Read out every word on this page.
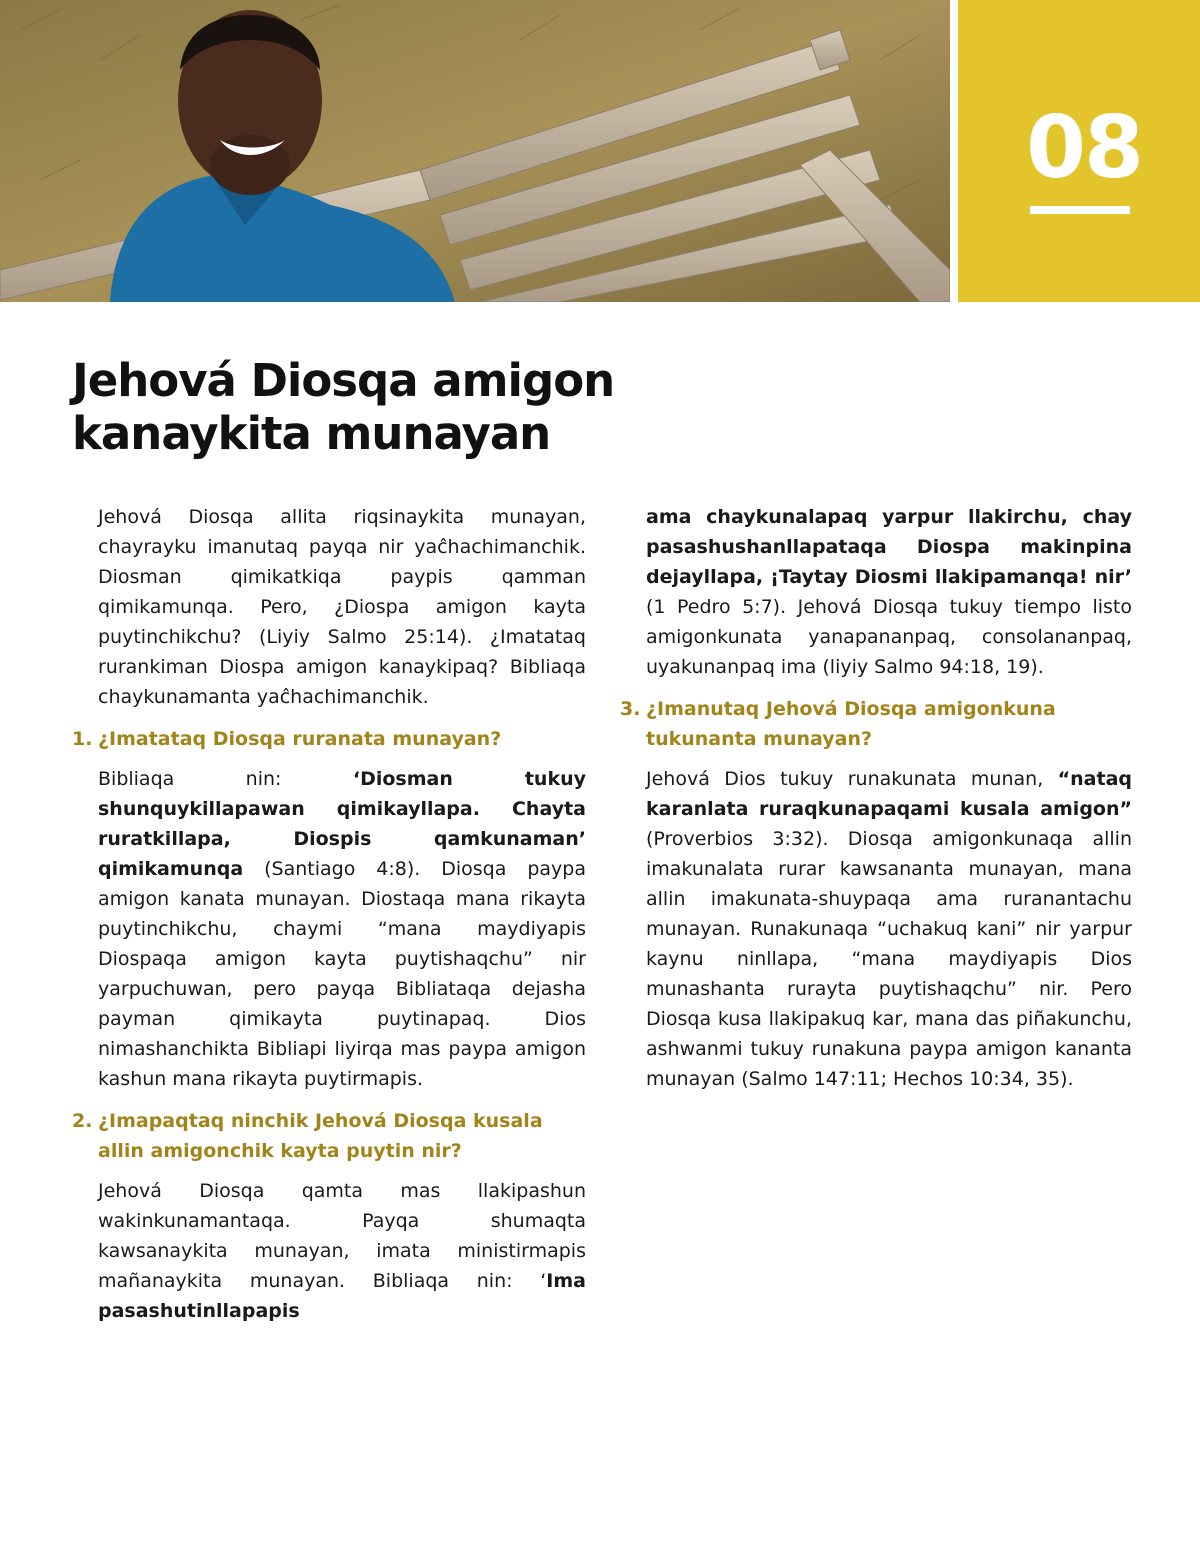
08
Jehová Diosqa amigon
kanaykita munayan

Jehová Diosqa allita riqsinaykita munayan, chayrayku imanutaq payqa nir yaĉhachimanchik. Diosman qimikatkiqa paypis qamman qimikamunqa. Pero, ¿Diospa amigon kayta puytinchikchu? (Liyiy Salmo 25:14). ¿Imatataq rurankiman Diospa amigon kanaykipaq? Bibliaqa chaykunamanta yaĉhachimanchik.

1. ¿Imatataq Diosqa ruranata munayan?

Bibliaqa nin: ‘Diosman tukuy shunquykillapawan qimikayllapa. Chayta ruratkillapa, Diospis qamkunaman’ qimikamunqa (Santiago 4:8). Diosqa paypa amigon kanata munayan. Diostaqa mana rikayta puytinchikchu, chaymi “mana maydiyapis Diospaqa amigon kayta puytishaqchu” nir yarpuchuwan, pero payqa Bibliataqa dejasha payman qimikayta puytinapaq. Dios nimashanchikta Bibliapi liyirqa mas paypa amigon kashun mana rikayta puytirmapis.

2. ¿Imapaqtaq ninchik Jehová Diosqa kusala allin amigonchik kayta puytin nir?

Jehová Diosqa qamta mas llakipashun wakinkunamantaqa. Payqa shumaqta kawsanaykita munayan, imata ministirmapis mañanaykita munayan. Bibliaqa nin: ‘Ima pasashutinllapapis

ama chaykunalapaq yarpur llakirchu, chay pasashushanllapataqa Diospa makinpina dejayllapa, ¡Taytay Diosmi llakipamanqa! nir’ (1 Pedro 5:7). Jehová Diosqa tukuy tiempo listo amigonkunata yanapananpaq, consolananpaq, uyakunanpaq ima (liyiy Salmo 94:18, 19).

3. ¿Imanutaq Jehová Diosqa amigonkuna tukunanta munayan?

Jehová Dios tukuy runakunata munan, “nataq karanlata ruraqkunapaqami kusala amigon” (Proverbios 3:32). Diosqa amigonkunaqa allin imakunalata rurar kawsananta munayan, mana allin imakunata-shuypaqa ama ruranantachu munayan. Runakunaqa “uchakuq kani” nir yarpur kaynu ninllapa, “mana maydiyapis Dios munashanta rurayta puytishaqchu” nir. Pero Diosqa kusa llakipakuq kar, mana das piñakunchu, ashwanmi tukuy runakuna paypa amigon kananta munayan (Salmo 147:11; Hechos 10:34, 35).
